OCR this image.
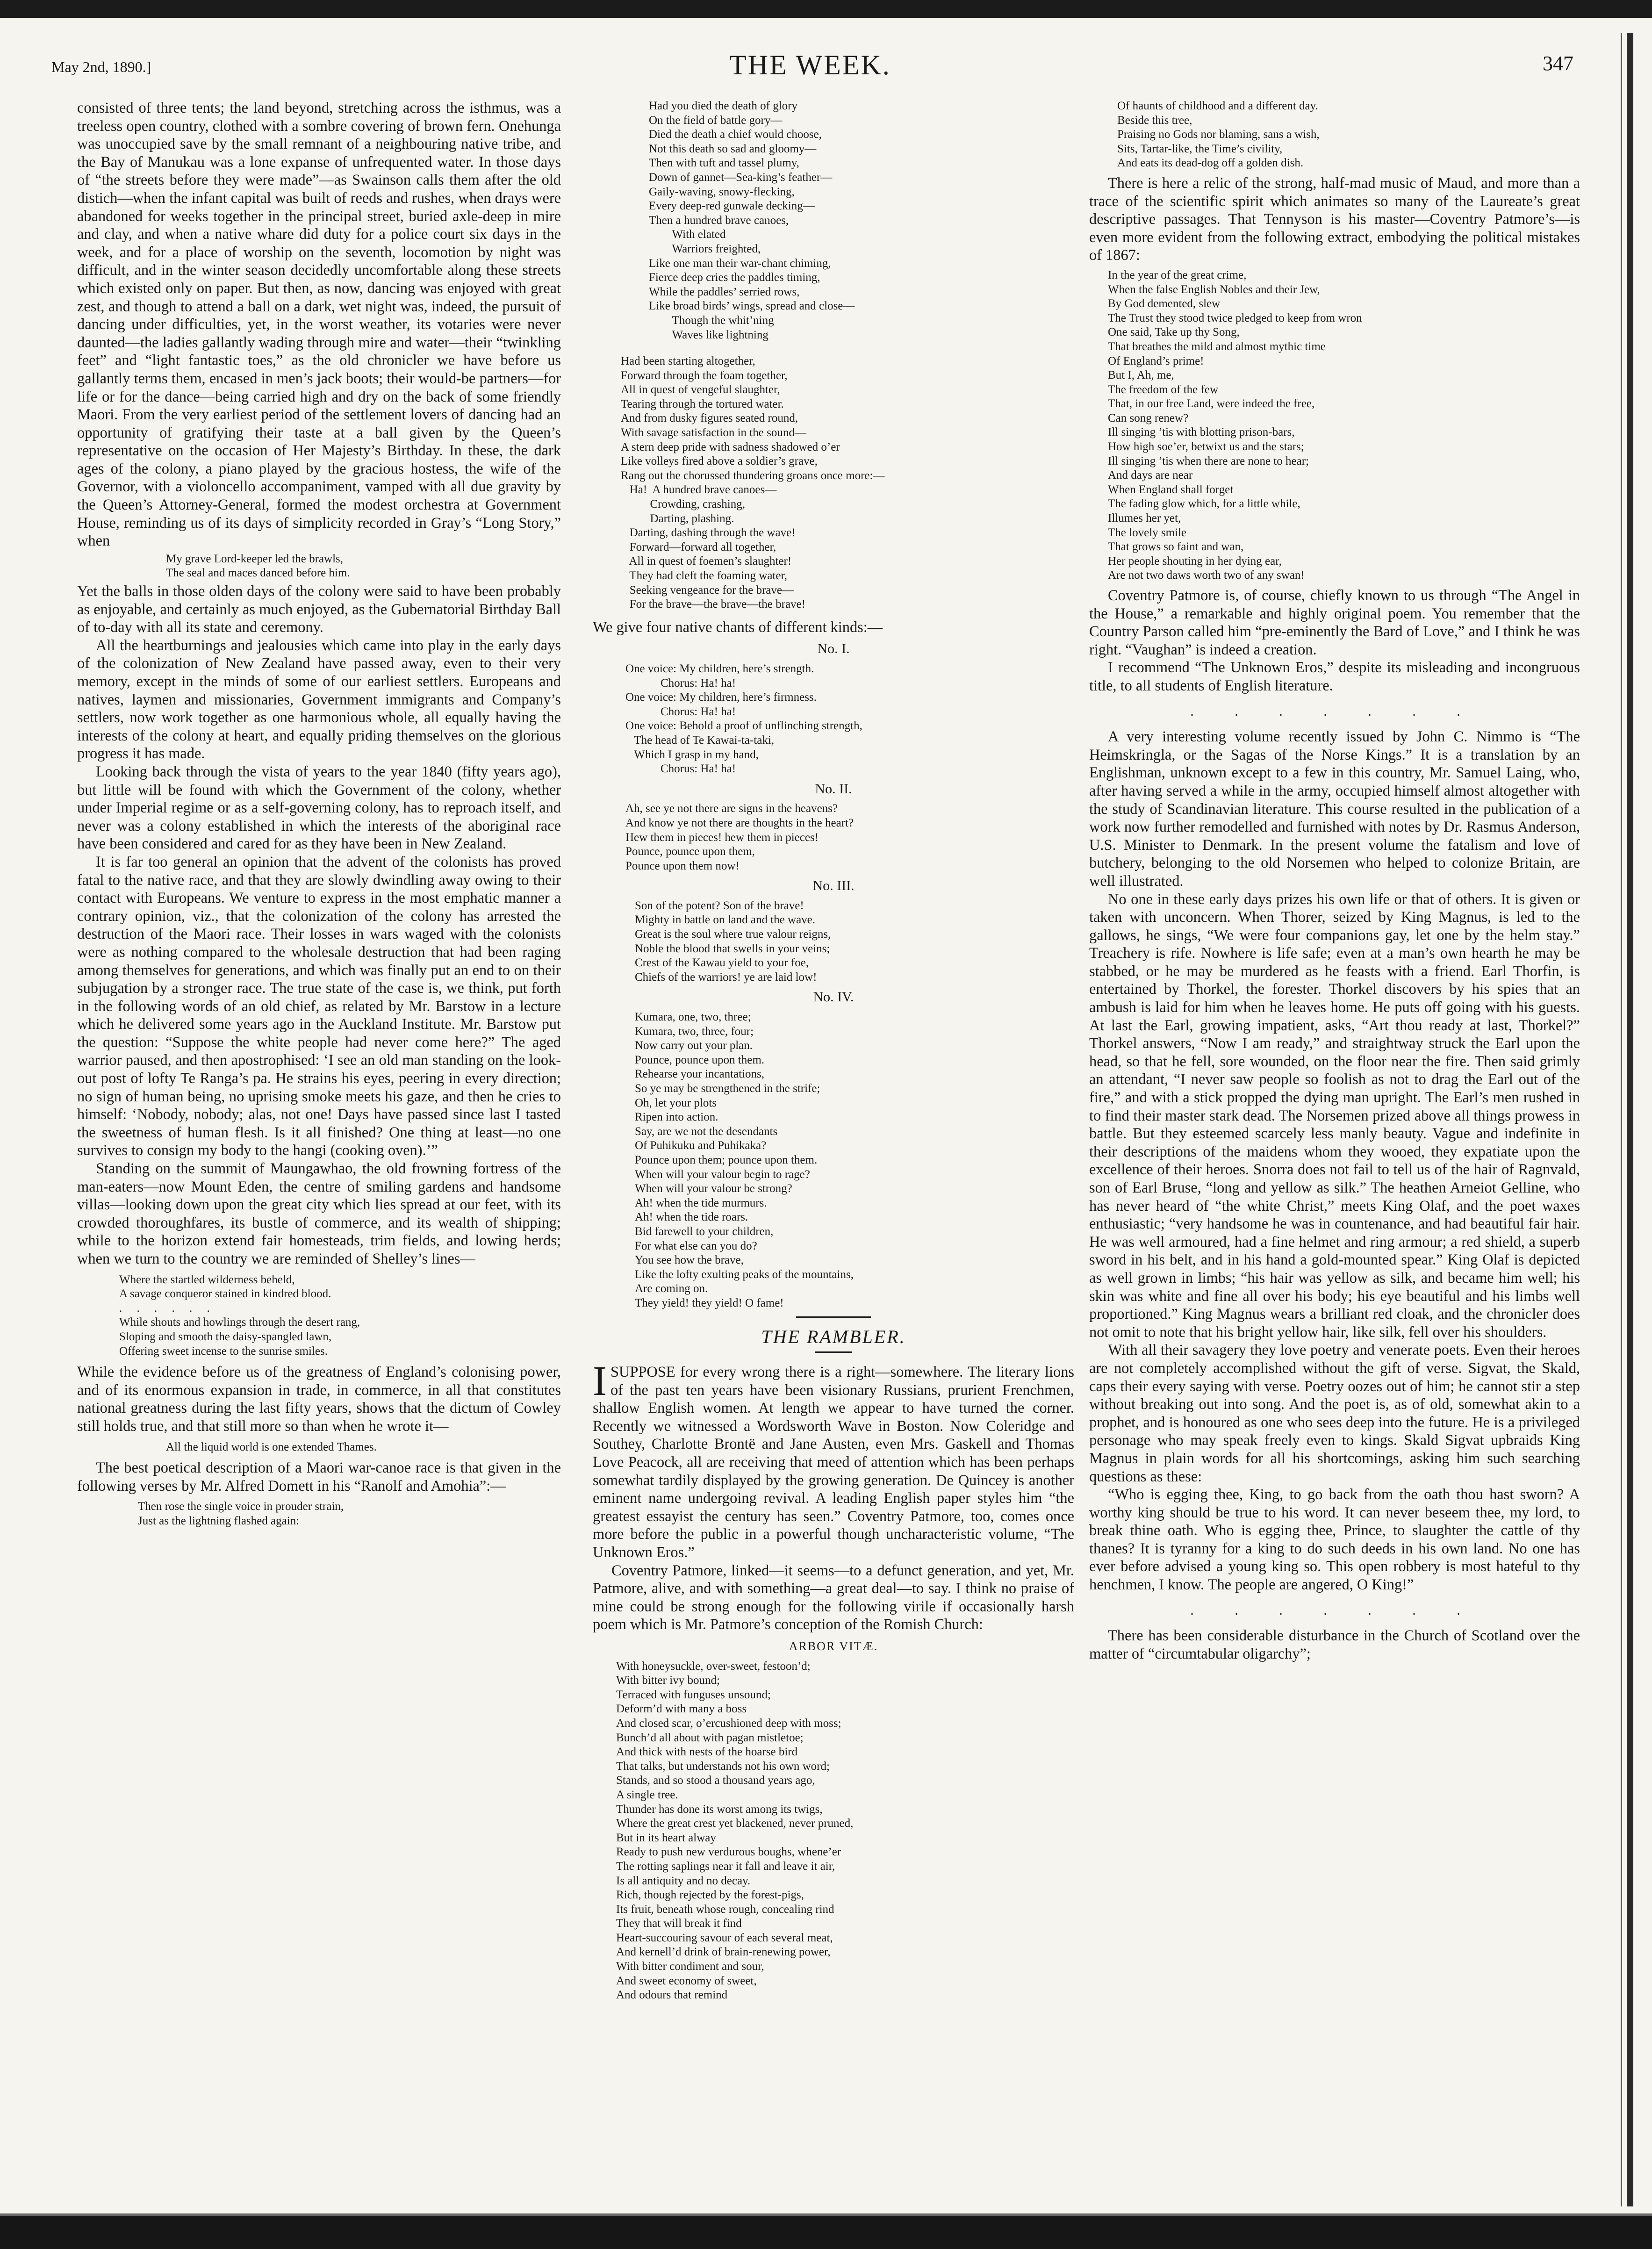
May 2nd, 1890.]	THE WEEK.	347

consisted of three tents; the land beyond, stretching across the isthmus, was a treeless open country, clothed with a sombre covering of brown fern. Onehunga was unoccupied save by the small remnant of a neighbouring native tribe, and the Bay of Manukau was a lone expanse of unfrequented water. In those days of “the streets before they were made”—as Swainson calls them after the old distich—when the infant capital was built of reeds and rushes, when drays were abandoned for weeks together in the principal street, buried axle-deep in mire and clay, and when a native whare did duty for a police court six days in the week, and for a place of worship on the seventh, locomotion by night was difficult, and in the winter season decidedly uncomfortable along these streets which existed only on paper. But then, as now, dancing was enjoyed with great zest, and though to attend a ball on a dark, wet night was, indeed, the pursuit of dancing under difficulties, yet, in the worst weather, its votaries were never daunted—the ladies gallantly wading through mire and water—their “twinkling feet” and “light fantastic toes,” as the old chronicler we have before us gallantly terms them, encased in men’s jack boots; their would-be partners—for life or for the dance—being carried high and dry on the back of some friendly Maori. From the very earliest period of the settlement lovers of dancing had an opportunity of gratifying their taste at a ball given by the Queen’s representative on the occasion of Her Majesty’s Birthday. In these, the dark ages of the colony, a piano played by the gracious hostess, the wife of the Governor, with a violoncello accompaniment, vamped with all due gravity by the Queen’s Attorney-General, formed the modest orchestra at Government House, reminding us of its days of simplicity recorded in Gray’s “Long Story,” when

My grave Lord-keeper led the brawls,
The seal and maces danced before him.

Yet the balls in those olden days of the colony were said to have been probably as enjoyable, and certainly as much enjoyed, as the Gubernatorial Birthday Ball of to-day with all its state and ceremony.

All the heartburnings and jealousies which came into play in the early days of the colonization of New Zealand have passed away, even to their very memory, except in the minds of some of our earliest settlers. Europeans and natives, laymen and missionaries, Government immigrants and Company’s settlers, now work together as one harmonious whole, all equally having the interests of the colony at heart, and equally priding themselves on the glorious progress it has made.

Looking back through the vista of years to the year 1840 (fifty years ago), but little will be found with which the Government of the colony, whether under Imperial regime or as a self-governing colony, has to reproach itself, and never was a colony established in which the interests of the aboriginal race have been considered and cared for as they have been in New Zealand.

It is far too general an opinion that the advent of the colonists has proved fatal to the native race, and that they are slowly dwindling away owing to their contact with Europeans. We venture to express in the most emphatic manner a contrary opinion, viz., that the colonization of the colony has arrested the destruction of the Maori race. Their losses in wars waged with the colonists were as nothing compared to the wholesale destruction that had been raging among themselves for generations, and which was finally put an end to on their subjugation by a stronger race. The true state of the case is, we think, put forth in the following words of an old chief, as related by Mr. Barstow in a lecture which he delivered some years ago in the Auckland Institute. Mr. Barstow put the question: “Suppose the white people had never come here?” The aged warrior paused, and then apostrophised: ‘I see an old man standing on the look-out post of lofty Te Ranga’s pa. He strains his eyes, peering in every direction; no sign of human being, no uprising smoke meets his gaze, and then he cries to himself: ‘Nobody, nobody; alas, not one! Days have passed since last I tasted the sweetness of human flesh. Is it all finished? One thing at least—no one survives to consign my body to the hangi (cooking oven).’”

Standing on the summit of Maungawhao, the old frowning fortress of the man-eaters—now Mount Eden, the centre of smiling gardens and handsome villas—looking down upon the great city which lies spread at our feet, with its crowded thoroughfares, its bustle of commerce, and its wealth of shipping; while to the horizon extend fair homesteads, trim fields, and lowing herds; when we turn to the country we are reminded of Shelley’s lines—

Where the startled wilderness beheld,
A savage conqueror stained in kindred blood.
.     .     .     .     .     .
While shouts and howlings through the desert rang,
Sloping and smooth the daisy-spangled lawn,
Offering sweet incense to the sunrise smiles.

While the evidence before us of the greatness of England’s colonising power, and of its enormous expansion in trade, in commerce, in all that constitutes national greatness during the last fifty years, shows that the dictum of Cowley still holds true, and that still more so than when he wrote it—

All the liquid world is one extended Thames.

The best poetical description of a Maori war-canoe race is that given in the following verses by Mr. Alfred Domett in his “Ranolf and Amohia”:—

Then rose the single voice in prouder strain,
Just as the lightning flashed again:
Had you died the death of glory
On the field of battle gory—
Died the death a chief would choose,
Not this death so sad and gloomy—
Then with tuft and tassel plumy,
Down of gannet—Sea-king’s feather—
Gaily-waving, snowy-flecking,
Every deep-red gunwale decking—
Then a hundred brave canoes,
With elated
Warriors freighted,
Like one man their war-chant chiming,
Fierce deep cries the paddles timing,
While the paddles’ serried rows,
Like broad birds’ wings, spread and close—
Though the whit’ning
Waves like lightning
Had been starting altogether,
Forward through the foam together,
All in quest of vengeful slaughter,
Tearing through the tortured water.
And from dusky figures seated round,
With savage satisfaction in the sound—
A stern deep pride with sadness shadowed o’er
Like volleys fired above a soldier’s grave,
Rang out the chorussed thundering groans once more:—
Ha!  A hundred brave canoes—
Crowding, crashing,
Darting, plashing.
Darting, dashing through the wave!
Forward—forward all together,
All in quest of foemen’s slaughter!
They had cleft the foaming water,
Seeking vengeance for the brave—
For the brave—the brave—the brave!

We give four native chants of different kinds:—

No. I.
One voice: My children, here’s strength.
Chorus: Ha! ha!
One voice: My children, here’s firmness.
Chorus: Ha! ha!
One voice: Behold a proof of unflinching strength,
The head of Te Kawai-ta-taki,
Which I grasp in my hand,
Chorus: Ha! ha!
No. II.
Ah, see ye not there are signs in the heavens?
And know ye not there are thoughts in the heart?
Hew them in pieces! hew them in pieces!
Pounce, pounce upon them,
Pounce upon them now!
No. III.
Son of the potent? Son of the brave!
Mighty in battle on land and the wave.
Great is the soul where true valour reigns,
Noble the blood that swells in your veins;
Crest of the Kawau yield to your foe,
Chiefs of the warriors! ye are laid low!
No. IV.
Kumara, one, two, three;
Kumara, two, three, four;
Now carry out your plan.
Pounce, pounce upon them.
Rehearse your incantations,
So ye may be strengthened in the strife;
Oh, let your plots
Ripen into action.
Say, are we not the desendants
Of Puhikuku and Puhikaka?
Pounce upon them; pounce upon them.
When will your valour begin to rage?
When will your valour be strong?
Ah! when the tide murmurs.
Ah! when the tide roars.
Bid farewell to your children,
For what else can you do?
You see how the brave,
Like the lofty exulting peaks of the mountains,
Are coming on.
They yield! they yield! O fame!
THE RAMBLER.

ISUPPOSE for every wrong there is a right—somewhere. The literary lions of the past ten years have been visionary Russians, prurient Frenchmen, shallow English women. At length we appear to have turned the corner. Recently we witnessed a Wordsworth Wave in Boston. Now Coleridge and Southey, Charlotte Brontë and Jane Austen, even Mrs. Gaskell and Thomas Love Peacock, all are receiving that meed of attention which has been perhaps somewhat tardily displayed by the growing generation. De Quincey is another eminent name undergoing revival. A leading English paper styles him “the greatest essayist the century has seen.” Coventry Patmore, too, comes once more before the public in a powerful though uncharacteristic volume, “The Unknown Eros.”

Coventry Patmore, linked—it seems—to a defunct generation, and yet, Mr. Patmore, alive, and with something—a great deal—to say. I think no praise of mine could be strong enough for the following virile if occasionally harsh poem which is Mr. Patmore’s conception of the Romish Church:

ARBOR VITÆ.
With honeysuckle, over-sweet, festoon’d;
With bitter ivy bound;
Terraced with funguses unsound;
Deform’d with many a boss
And closed scar, o’ercushioned deep with moss;
Bunch’d all about with pagan mistletoe;
And thick with nests of the hoarse bird
That talks, but understands not his own word;
Stands, and so stood a thousand years ago,
A single tree.
Thunder has done its worst among its twigs,
Where the great crest yet blackened, never pruned,
But in its heart alway
Ready to push new verdurous boughs, whene’er
The rotting saplings near it fall and leave it air,
Is all antiquity and no decay.
Rich, though rejected by the forest-pigs,
Its fruit, beneath whose rough, concealing rind
They that will break it find
Heart-succouring savour of each several meat,
And kernell’d drink of brain-renewing power,
With bitter condiment and sour,
And sweet economy of sweet,
And odours that remind
Of haunts of childhood and a different day.
Beside this tree,
Praising no Gods nor blaming, sans a wish,
Sits, Tartar-like, the Time’s civility,
And eats its dead-dog off a golden dish.

There is here a relic of the strong, half-mad music of Maud, and more than a trace of the scientific spirit which animates so many of the Laureate’s great descriptive passages. That Tennyson is his master—Coventry Patmore’s—is even more evident from the following extract, embodying the political mistakes of 1867:

In the year of the great crime,
When the false English Nobles and their Jew,
By God demented, slew
The Trust they stood twice pledged to keep from wron
One said, Take up thy Song,
That breathes the mild and almost mythic time
Of England’s prime!
But I, Ah, me,
The freedom of the few
That, in our free Land, were indeed the free,
Can song renew?
Ill singing ’tis with blotting prison-bars,
How high soe’er, betwixt us and the stars;
Ill singing ’tis when there are none to hear;
And days are near
When England shall forget
The fading glow which, for a little while,
Illumes her yet,
The lovely smile
That grows so faint and wan,
Her people shouting in her dying ear,
Are not two daws worth two of any swan!

Coventry Patmore is, of course, chiefly known to us through “The Angel in the House,” a remarkable and highly original poem. You remember that the Country Parson called him “pre-eminently the Bard of Love,” and I think he was right. “Vaughan” is indeed a creation.

I recommend “The Unknown Eros,” despite its misleading and incongruous title, to all students of English literature.

. . . . . . .

A very interesting volume recently issued by John C. Nimmo is “The Heimskringla, or the Sagas of the Norse Kings.” It is a translation by an Englishman, unknown except to a few in this country, Mr. Samuel Laing, who, after having served a while in the army, occupied himself almost altogether with the study of Scandinavian literature. This course resulted in the publication of a work now further remodelled and furnished with notes by Dr. Rasmus Anderson, U.S. Minister to Denmark. In the present volume the fatalism and love of butchery, belonging to the old Norsemen who helped to colonize Britain, are well illustrated.

No one in these early days prizes his own life or that of others. It is given or taken with unconcern. When Thorer, seized by King Magnus, is led to the gallows, he sings, “We were four companions gay, let one by the helm stay.” Treachery is rife. Nowhere is life safe; even at a man’s own hearth he may be stabbed, or he may be murdered as he feasts with a friend. Earl Thorfin, is entertained by Thorkel, the forester. Thorkel discovers by his spies that an ambush is laid for him when he leaves home. He puts off going with his guests. At last the Earl, growing impatient, asks, “Art thou ready at last, Thorkel?” Thorkel answers, “Now I am ready,” and straightway struck the Earl upon the head, so that he fell, sore wounded, on the floor near the fire. Then said grimly an attendant, “I never saw people so foolish as not to drag the Earl out of the fire,” and with a stick propped the dying man upright. The Earl’s men rushed in to find their master stark dead. The Norsemen prized above all things prowess in battle. But they esteemed scarcely less manly beauty. Vague and indefinite in their descriptions of the maidens whom they wooed, they expatiate upon the excellence of their heroes. Snorra does not fail to tell us of the hair of Ragnvald, son of Earl Bruse, “long and yellow as silk.” The heathen Arneiot Gelline, who has never heard of “the white Christ,” meets King Olaf, and the poet waxes enthusiastic; “very handsome he was in countenance, and had beautiful fair hair. He was well armoured, had a fine helmet and ring armour; a red shield, a superb sword in his belt, and in his hand a gold-mounted spear.” King Olaf is depicted as well grown in limbs; “his hair was yellow as silk, and became him well; his skin was white and fine all over his body; his eye beautiful and his limbs well proportioned.” King Magnus wears a brilliant red cloak, and the chronicler does not omit to note that his bright yellow hair, like silk, fell over his shoulders.

With all their savagery they love poetry and venerate poets. Even their heroes are not completely accomplished without the gift of verse. Sigvat, the Skald, caps their every saying with verse. Poetry oozes out of him; he cannot stir a step without breaking out into song. And the poet is, as of old, somewhat akin to a prophet, and is honoured as one who sees deep into the future. He is a privileged personage who may speak freely even to kings. Skald Sigvat upbraids King Magnus in plain words for all his shortcomings, asking him such searching questions as these:

“Who is egging thee, King, to go back from the oath thou hast sworn? A worthy king should be true to his word. It can never beseem thee, my lord, to break thine oath. Who is egging thee, Prince, to slaughter the cattle of thy thanes? It is tyranny for a king to do such deeds in his own land. No one has ever before advised a young king so. This open robbery is most hateful to thy henchmen, I know. The people are angered, O King!”

. . . . . . .

There has been considerable disturbance in the Church of Scotland over the matter of “circumtabular oligarchy”;
